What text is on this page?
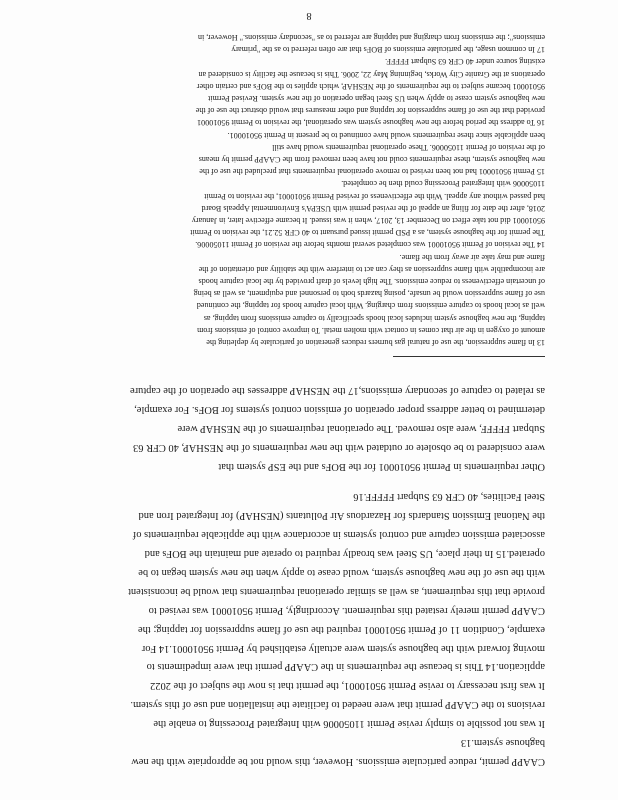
CAAPP permit, reduce particulate emissions. However, this would not be appropriate with the new
baghouse system.13
It was not possible to simply revise Permit 11050006 with Integrated Processing to enable the
revisions to the CAAPP permit that were needed to facilitate the installation and use of this system.
It was first necessary to revise Permit 95010001, the permit that is now the subject of the 2022
application.14 This is because the requirements in the CAAPP permit that were impediments to
moving forward with the baghouse system were actually established by Permit 95010001.14 For
example, Condition 11 of Permit 95010001 required the use of flame suppression for tapping; the
CAAPP permit merely restated this requirement. Accordingly, Permit 95010001 was revised to
provide that this requirement, as well as similar operational requirements that would be inconsistent
with the use of the new baghouse system, would cease to apply when the new system began to be
operated.15 In their place, US Steel was broadly required to operate and maintain the BOFs and
associated emission capture and control systems in accordance with the applicable requirements of
the National Emission Standards for Hazardous Air Pollutants (NESHAP) for Integrated Iron and
Steel Facilities, 40 CFR 63 Subpart FFFFF.16
Other requirements in Permit 95010001 for the BOFs and the ESP system that
were considered to be obsolete or outdated with the new requirements of the NESHAP, 40 CFR 63
Subpart FFFFF, were also removed. The operational requirements of the NESHAP were
determined to better address proper operation of emission control systems for BOFs. For example,
as related to capture of secondary emissions,17 the NESHAP addresses the operation of the capture
13 In flame suppression, the use of natural gas burners reduces generation of particulate by depleting the
amount of oxygen in the air that comes in contact with molten metal. To improve control of emissions from
tapping, the new baghouse system includes local hoods specifically to capture emissions from tapping, as
well as local hoods to capture emissions from charging. With local capture hoods for tapping, the continued
use of flame suppression would be unsafe, posing hazards both to personnel and equipment, as well as being
of uncertain effectiveness to reduce emissions. The high levels of draft provided by the local capture hoods
are incompatible with flame suppression as they can act to interfere with the stability and orientation of the
flame and may take air away from the flame.
14 The revision of Permit 95010001 was completed several months before the revision of Permit 11050006.
The permit for the baghouse system, as a PSD permit issued pursuant to 40 CFR 52.21, the revision to Permit
95010001 did not take effect on December 13, 2017, when it was issued. It became effective later, in January
2018, after the date for filing an appeal of the revised permit with USEPA's Environmental Appeals Board
had passed without any appeal. With the effectiveness of revised Permit 95010001, the revision to Permit
11050006 with Integrated Processing could then be completed.
15 Permit 95010001 had not been revised to remove operational requirements that precluded the use of the
new baghouse system, these requirements could not have been removed from the CAAPP permit by means
of the revision of Permit 11050006. These operational requirements would have still
been applicable since these requirements would have continued to be present in Permit 95010001.
16 To address the period before the new baghouse system was operational, the revision to Permit 95010001
provided that the use of flame suppression for tapping and other measures that would obstruct the use of the
new baghouse system cease to apply when US Steel began operation of the new system. Revised Permit
95010001 became subject to the requirements of the NESHAP, which applies to the BOFs and certain other
operations at the Granite City Works, beginning May 22, 2006. This is because the facility is considered an
existing source under 40 CFR 63 Subpart FFFFF.
17 In common usage, the particulate emissions of BOFs that are often referred to as the "primary
emissions"; the emissions from charging and tapping are referred to as "secondary emissions." However, in
8
